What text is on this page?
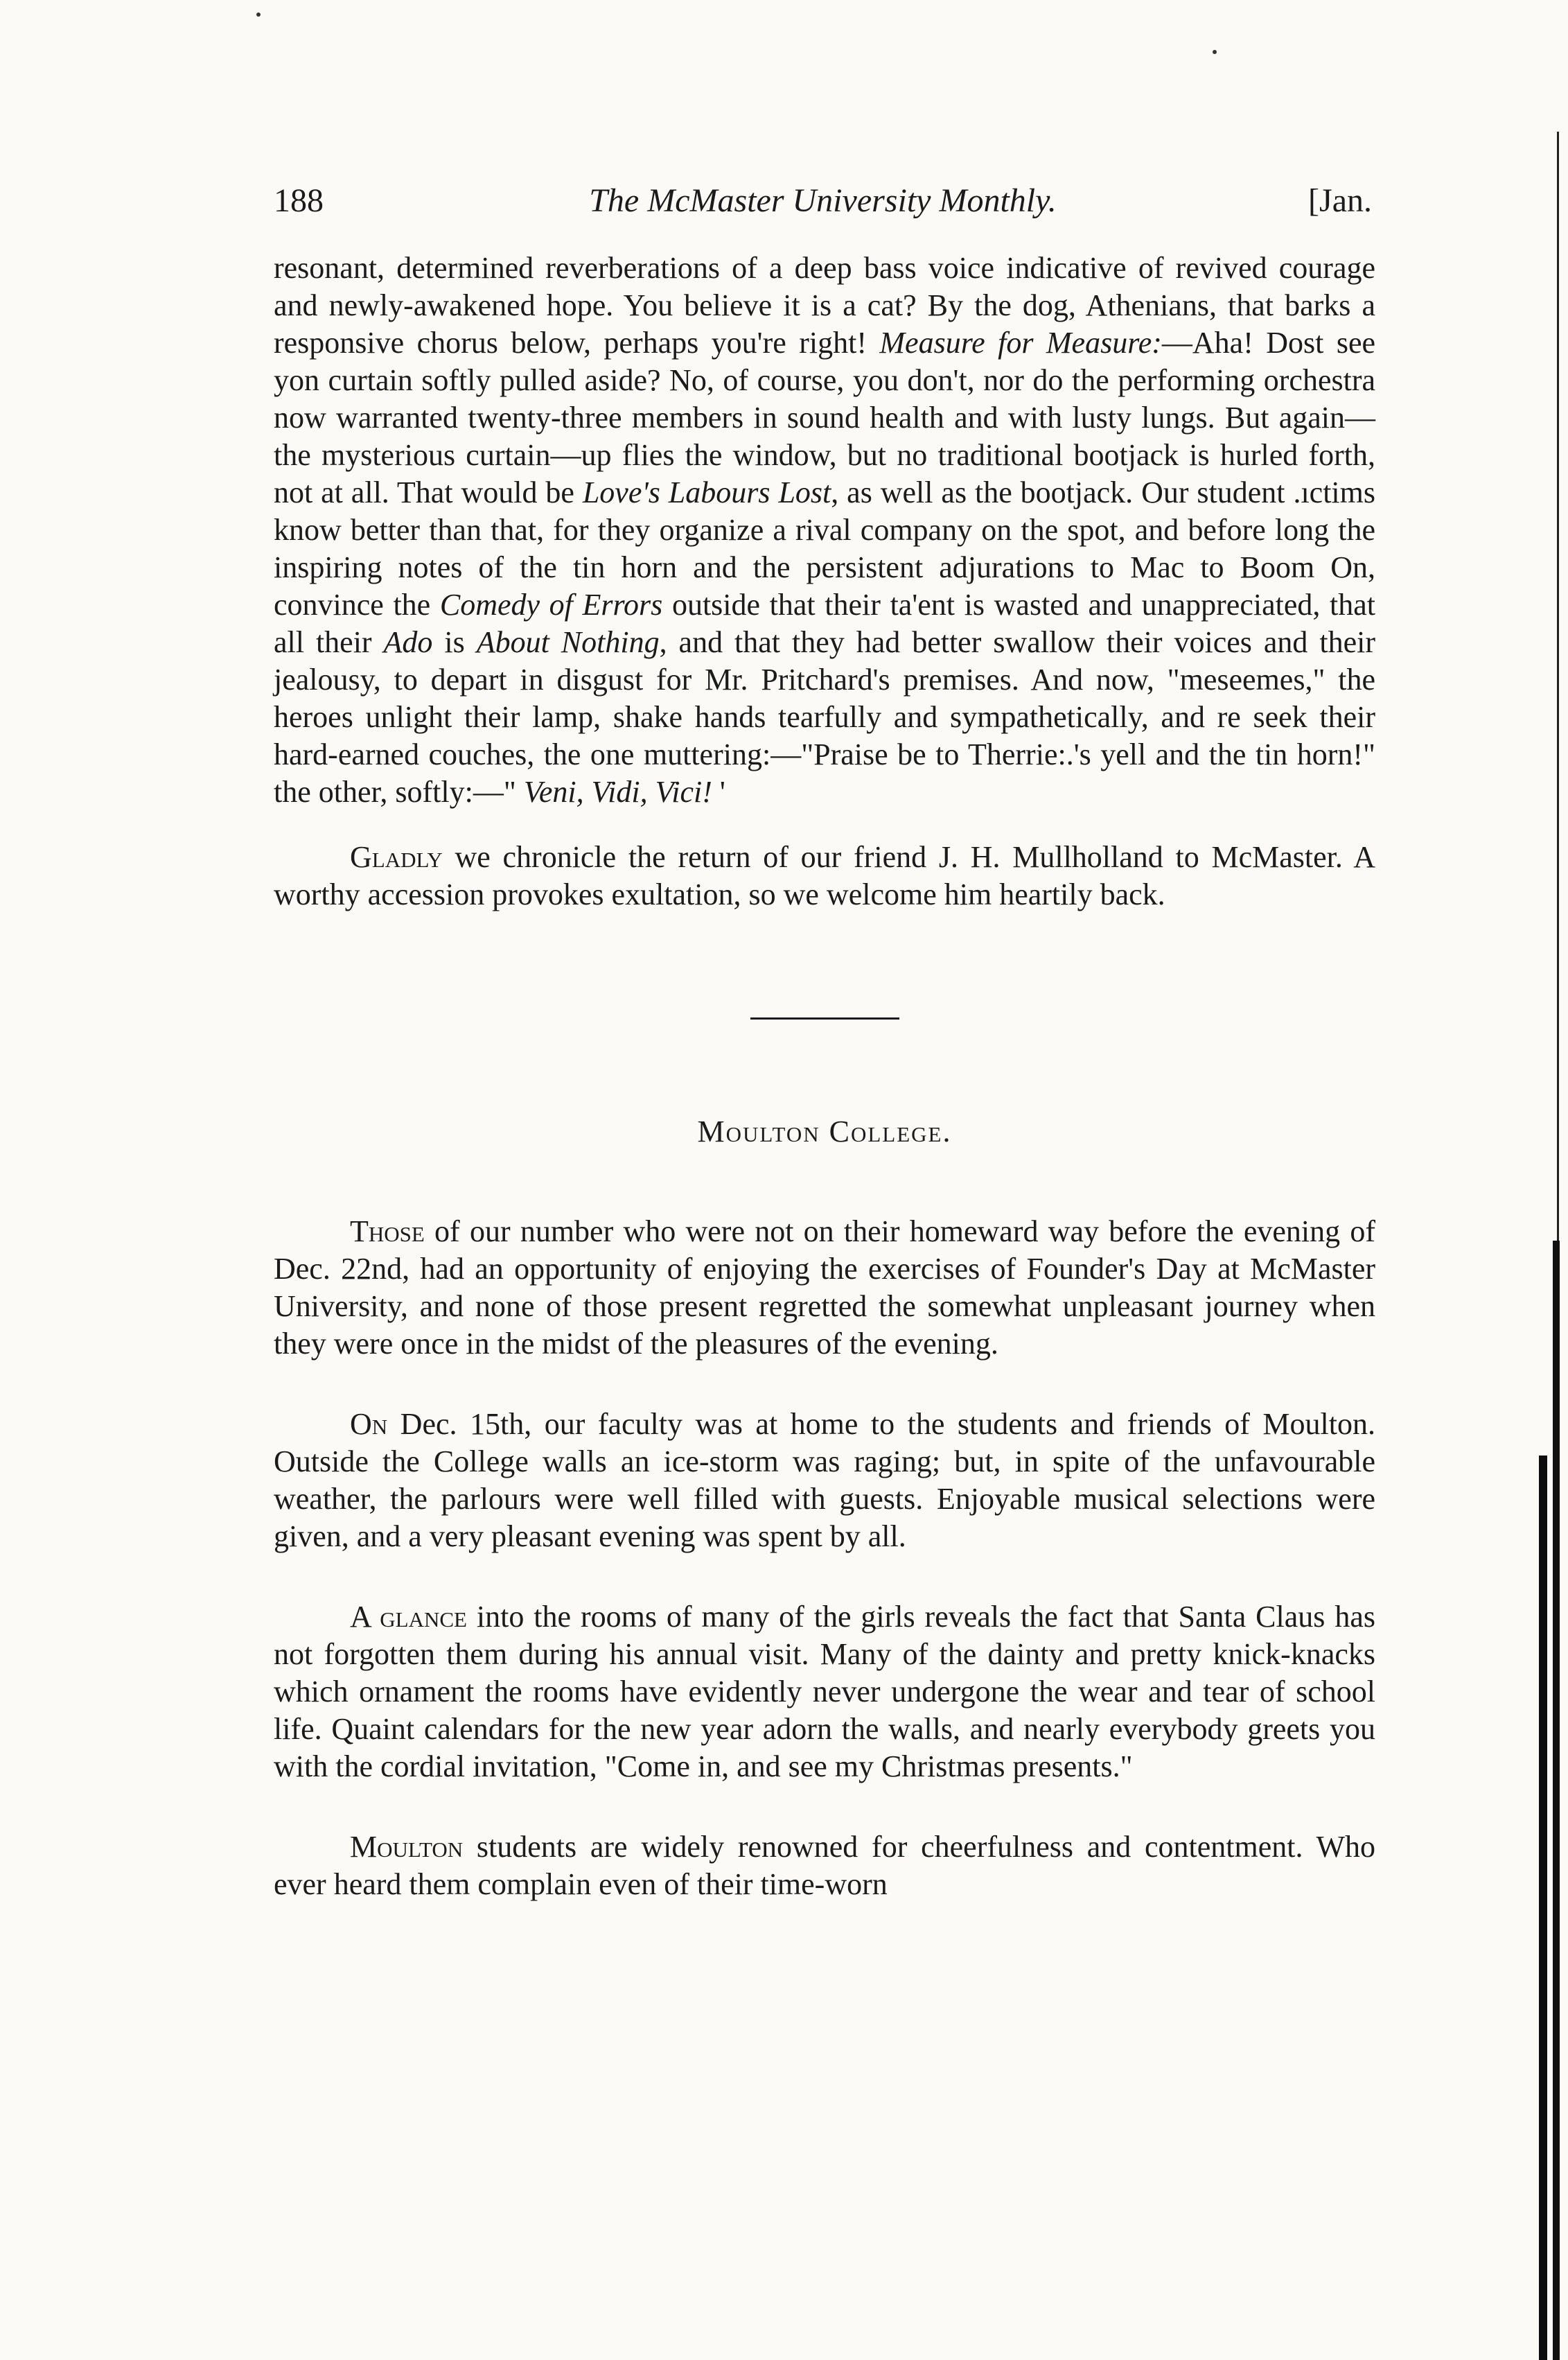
188	The McMaster University Monthly.	[Jan.

resonant, determined reverberations of a deep bass voice indicative of revived courage and newly-awakened hope. You believe it is a cat? By the dog, Athenians, that barks a responsive chorus below, perhaps you're right! Measure for Measure:—Aha! Dost see yon curtain softly pulled aside? No, of course, you don't, nor do the performing orchestra now warranted twenty-three members in sound health and with lusty lungs. But again—the mysterious curtain—up flies the window, but no traditional bootjack is hurled forth, not at all. That would be Love's Labours Lost, as well as the bootjack. Our student .ıctims know better than that, for they organize a rival company on the spot, and before long the inspiring notes of the tin horn and the persistent adjurations to Mac to Boom On, convince the Comedy of Errors outside that their ta'ent is wasted and unappreciated, that all their Ado is About Nothing, and that they had better swallow their voices and their jealousy, to depart in disgust for Mr. Pritchard's premises. And now, "meseemes," the heroes unlight their lamp, shake hands tearfully and sympathetically, and re seek their hard-earned couches, the one muttering:—"Praise be to Therrie:.'s yell and the tin horn!" the other, softly:—" Veni, Vidi, Vici! '

Gladly we chronicle the return of our friend J. H. Mullholland to McMaster. A worthy accession provokes exultation, so we welcome him heartily back.

Moulton College.

Those of our number who were not on their homeward way before the evening of Dec. 22nd, had an opportunity of enjoying the exercises of Founder's Day at McMaster University, and none of those present regretted the somewhat unpleasant journey when they were once in the midst of the pleasures of the evening.

On Dec. 15th, our faculty was at home to the students and friends of Moulton. Outside the College walls an ice-storm was raging; but, in spite of the unfavourable weather, the parlours were well filled with guests. Enjoyable musical selections were given, and a very pleasant evening was spent by all.

A glance into the rooms of many of the girls reveals the fact that Santa Claus has not forgotten them during his annual visit. Many of the dainty and pretty knick-knacks which ornament the rooms have evidently never undergone the wear and tear of school life. Quaint calendars for the new year adorn the walls, and nearly everybody greets you with the cordial invitation, "Come in, and see my Christmas presents."

Moulton students are widely renowned for cheerfulness and contentment. Who ever heard them complain even of their time-worn
